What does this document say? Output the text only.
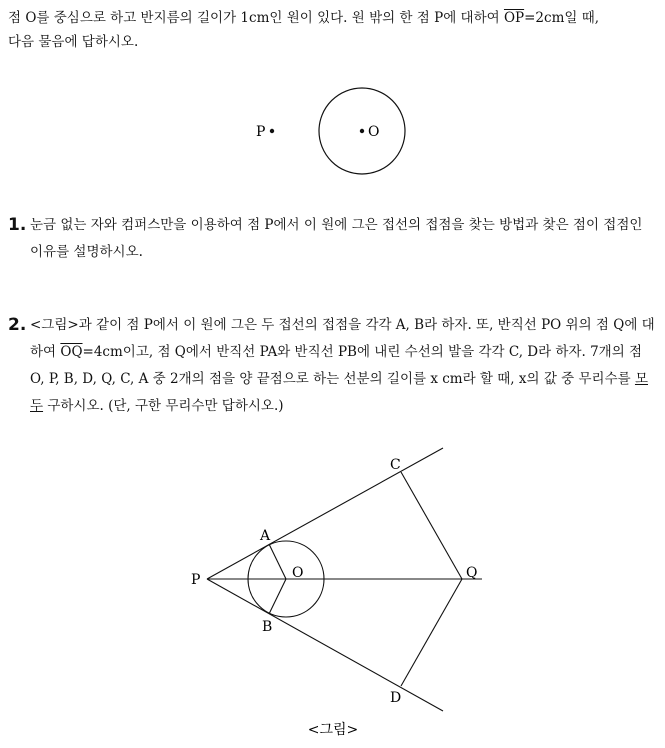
점 O를 중심으로 하고 반지름의 길이가 1cm인 원이 있다. 원 밖의 한 점 P에 대하여 $\overline{OP}=2cm$일 때,
다음 물음에 답하시오.
P	O
1. 눈금 없는 자와 컴퍼스만을 이용하여 점 P에서 이 원에 그은 접선의 접점을 찾는 방법과 찾은 점이 접점인 이유를 설명하시오.
2. <그림>과 같이 점 P에서 이 원에 그은 두 접선의 접점을 각각 A, B라 하자. 또, 반직선 PO 위의 점 Q에 대하여 $\overline{OQ}=4cm$이고, 점 Q에서 반직선 PA와 반직선 PB에 내린 수선의 발을 각각 C, D라 하자. 7개의 점 O, P, B, D, Q, C, A 중 2개의 점을 양 끝점으로 하는 선분의 길이를 x cm라 할 때, x의 값 중 무리수를 모두 구하시오. (단, 구한 무리수만 답하시오.)
A
B
C
D
P	O	Q
<그림>
